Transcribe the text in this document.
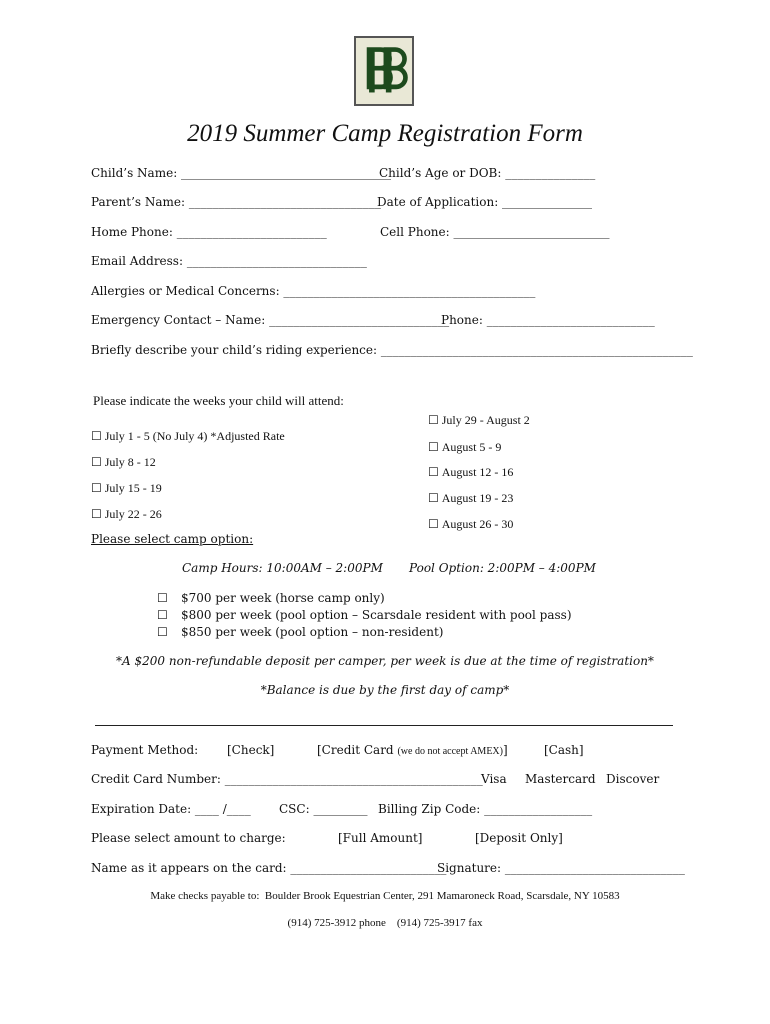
2019 Summer Camp Registration Form
Child’s Name: ___________________________________
Child’s Age or DOB: _______________
Parent’s Name: ________________________________
Date of Application: _______________
Home Phone: _________________________	Cell Phone: __________________________
Email Address: ______________________________
Allergies or Medical Concerns: __________________________________________
Emergency Contact – Name: ______________________________
Phone: ____________________________
Briefly describe your child’s riding experience: ____________________________________________________
Please indicate the weeks your child will attend:
☐ July 1 - 5 (No July 4) *Adjusted Rate
☐ July 8 - 12
☐ July 15 - 19
☐ July 22 - 26
☐ July 29 - August 2
☐ August 5 - 9
☐ August 12 - 16
☐ August 19 - 23
☐ August 26 - 30
Please select camp option:
Camp Hours: 10:00AM – 2:00PM Pool Option: 2:00PM – 4:00PM
☐ $700 per week (horse camp only)
☐ $800 per week (pool option – Scarsdale resident with pool pass)
☐ $850 per week (pool option – non-resident)
*A $200 non-refundable deposit per camper, per week is due at the time of registration*
*Balance is due by the first day of camp*
Payment Method: [Check]	[Credit Card (we do not accept AMEX)]	[Cash]
Credit Card Number: ___________________________________________
Visa Mastercard Discover
Expiration Date: ____ /____ CSC: _________ Billing Zip Code: __________________
Please select amount to charge:	[Full Amount]	[Deposit Only]
Name as it appears on the card: __________________________
Signature: ______________________________
Make checks payable to:  Boulder Brook Equestrian Center, 291 Mamaroneck Road, Scarsdale, NY 10583
(914) 725-3912 phone    (914) 725-3917 fax
